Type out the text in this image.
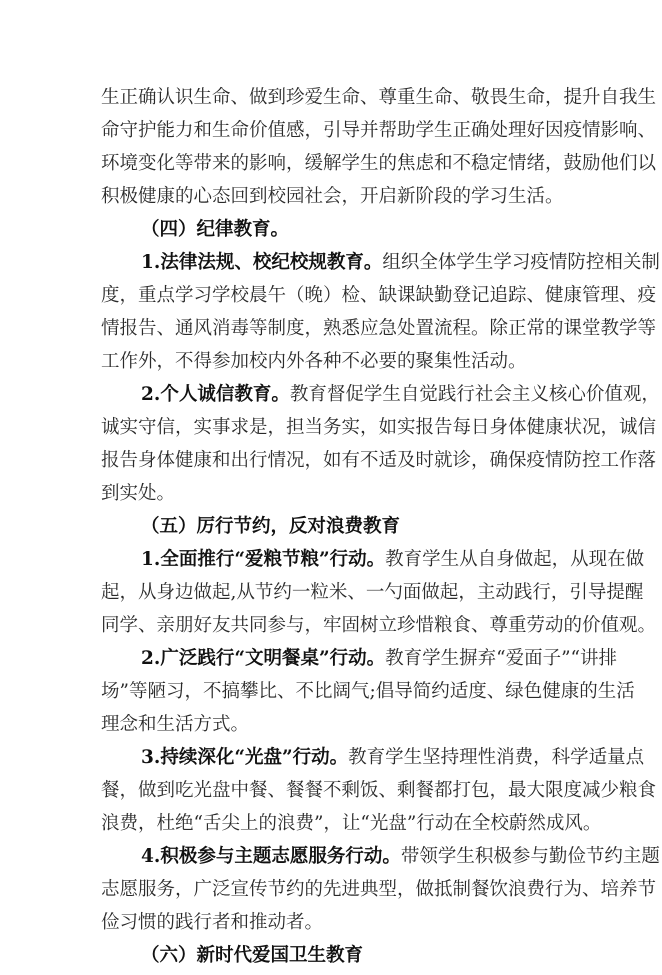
生正确认识生命、做到珍爱生命、尊重生命、敬畏生命，提升自我生
命守护能力和生命价值感，引导并帮助学生正确处理好因疫情影响、
环境变化等带来的影响，缓解学生的焦虑和不稳定情绪，鼓励他们以
积极健康的心态回到校园社会，开启新阶段的学习生活。
（四）纪律教育。
1.法律法规、校纪校规教育。组织全体学生学习疫情防控相关制
度，重点学习学校晨午（晚）检、缺课缺勤登记追踪、健康管理、疫
情报告、通风消毒等制度，熟悉应急处置流程。除正常的课堂教学等
工作外，不得参加校内外各种不必要的聚集性活动。
2.个人诚信教育。教育督促学生自觉践行社会主义核心价值观，
诚实守信，实事求是，担当务实，如实报告每日身体健康状况，诚信
报告身体健康和出行情况，如有不适及时就诊，确保疫情防控工作落
到实处。
（五）厉行节约，反对浪费教育
1.全面推行“爱粮节粮”行动。教育学生从自身做起，从现在做
起，从身边做起,从节约一粒米、一勺面做起，主动践行，引导提醒
同学、亲朋好友共同参与，牢固树立珍惜粮食、尊重劳动的价值观。
2.广泛践行“文明餐桌”行动。教育学生摒弃“爱面子”“讲排
场”等陋习，不搞攀比、不比阔气;倡导简约适度、绿色健康的生活
理念和生活方式。
3.持续深化“光盘”行动。教育学生坚持理性消费，科学适量点
餐，做到吃光盘中餐、餐餐不剩饭、剩餐都打包，最大限度减少粮食
浪费，杜绝“舌尖上的浪费”，让“光盘”行动在全校蔚然成风。
4.积极参与主题志愿服务行动。带领学生积极参与勤俭节约主题
志愿服务，广泛宣传节约的先进典型，做抵制餐饮浪费行为、培养节
俭习惯的践行者和推动者。
（六）新时代爱国卫生教育
